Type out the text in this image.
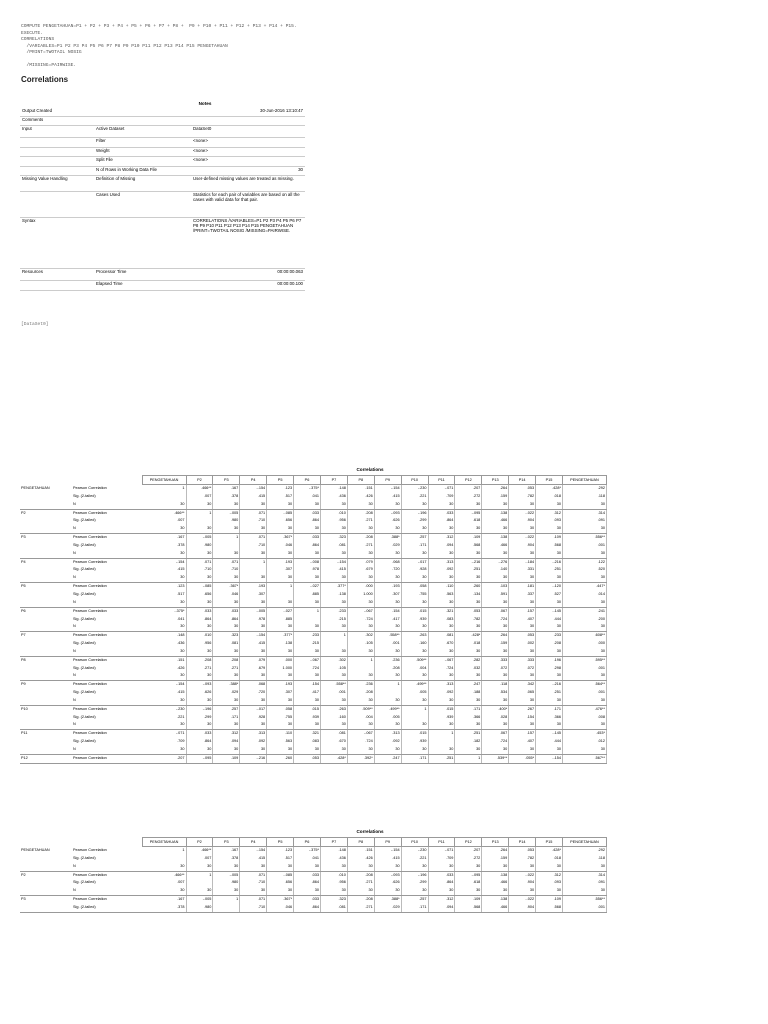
COMPUTE PENGETAHUAN=P1 + P2 + P3 + P4 + P5 + P6 + P7 + P8 +  P9 + P10 + P11 + P12 + P13 + P14 + P15.
EXECUTE.
CORRELATIONS
/VARIABLES=P1 P2 P3 P4 P5 P6 P7 P8 P9 P10 P11 P12 P13 P14 P15 PENGETAHUAN
/PRINT=TWOTAIL NOSIG

/MISSING=PAIRWISE.
Correlations
Notes
Output Created		30-Jun-2016 13:10:47
Comments		
Input	Active Dataset	DataSet0
	Filter	<none>
	Weight	<none>
	Split File	<none>
	N of Rows in Working Data File	30
Missing Value Handling	Definition of Missing	User-defined missing values are treated as missing.
	Cases Used	Statistics for each pair of variables are based on all the cases with valid data for that pair.
Syntax		CORRELATIONS /VARIABLES=P1 P2 P3 P4 P5 P6 P7 P8 P9 P10 P11 P12 P13 P14 P15 PENGETAHUAN /PRINT=TWOTAIL NOSIG /MISSING=PAIRWISE.
Resources	Processor Time	00:00:00.063
	Elapsed Time	00:00:00.100
[DataSet0]
Correlations
		PENGETAHUAN	P2	P3	P4	P5	P6	P7	P8	P9	P10	P11	P12	P13	P14	P15	PENGETAHUAN
PENGETAHUAN	Pearson Correlation	1	.466**	.167	-.154	.123	-.375*	.148	.151	-.154	-.230	-.071	.207	.264	.053	.428*	.292
	Sig. (2-tailed)		.007	.378	.415	.517	.041	.436	.426	.415	.221	.709	.272	.159	.782	.018	.118
	N	30	30	30	30	30	30	30	30	30	30	30	30	30	30	30	30
P2	Pearson Correlation	.466**	1	-.005	.071	-.085	.033	.010	.208	-.093	-.196	.033	-.095	.138	-.022	.312	.314
	Sig. (2-tailed)	.007		.980	.710	.656	.864	.956	.271	.626	.299	.864	.618	.466	.904	.093	.091
	N	30	30	30	30	30	30	30	30	30	30	30	30	30	30	30	30
P3	Pearson Correlation	.167	-.005	1	.071	.367*	.033	.323	.208	.388*	.257	.312	.109	.138	-.022	.109	.556**
	Sig. (2-tailed)	.378	.980		.710	.046	.864	.081	.271	.029	.171	.094	.568	.466	.904	.568	.001
	N	30	30	30	30	30	30	30	30	30	30	30	30	30	30	30	30
P4	Pearson Correlation	-.154	.071	.071	1	.193	-.008	-.154	.079	.068	-.017	.313	-.216	-.276	-.184	-.216	.122
	Sig. (2-tailed)	.415	.710	.710		.307	.978	.415	.679	.720	.928	.092	.251	.140	.331	.251	.520
	N	30	30	30	30	30	30	30	30	30	30	30	30	30	30	30	30
P5	Pearson Correlation	.123	-.085	.367*	.193	1	-.027	.377*	.000	.193	.058	.110	.260	.103	.181	-.120	.447*
	Sig. (2-tailed)	.517	.656	.046	.307		.885	.138	1.000	.307	.755	.563	.134	.591	.337	.527	.014
	N	30	30	30	30	30	30	30	30	30	30	30	30	30	30	30	30
P6	Pearson Correlation	-.375*	.033	.033	-.005	-.027	1	.233	-.067	.154	.015	.321	.053	.067	.157	-.145	.241
	Sig. (2-tailed)	.041	.864	.864	.978	.885		.215	.724	.417	.939	.083	.782	.724	.407	.444	.200
	N	30	30	30	30	30	30	30	30	30	30	30	30	30	30	30	30
P7	Pearson Correlation	.148	.010	.323	-.154	.377*	.233	1	.302	.558**	.263	.081	.428*	.264	.053	.233	.608**
	Sig. (2-tailed)	.436	.956	.081	.415	.138	.215		.105	.001	.160	.670	.018	.159	.002	.208	.000
	N	30	30	30	30	30	30	30	30	30	30	30	30	30	30	30	30
P8	Pearson Correlation	.151	.208	.208	.079	.000	-.067	.302	1	.236	.509**	-.067	.282	.333	.333	.196	.595**
	Sig. (2-tailed)	.426	.271	.271	.679	1.000	.724	.105		.208	.004	.724	.032	.072	.072	.298	.001
	N	30	30	30	30	30	30	30	30	30	30	30	30	30	30	30	30
P9	Pearson Correlation	-.154	-.093	.388*	.068	.193	.154	.558**	.236	1	.499**	.313	.247	.118	.342	-.216	.564**
	Sig. (2-tailed)	.415	.626	.029	.720	.307	.417	.001	.208		.005	.092	.188	.534	.065	.251	.001
	N	30	30	30	30	30	30	30	30	30	30	30	30	30	30	30	30
P10	Pearson Correlation	-.230	-.196	.257	-.017	.058	.015	.263	.509**	.499**	1	.015	.171	.400*	.267	.171	.476**
	Sig. (2-tailed)	.221	.299	.171	.928	.755	.939	.160	.004	.005		.939	.366	.028	.154	.366	.008
	N	30	30	30	30	30	30	30	30	30	30	30	30	30	30	30	30
P11	Pearson Correlation	-.071	.033	.312	.313	.110	.321	.081	-.067	.313	.015	1	.251	.067	.157	-.145	.453*
	Sig. (2-tailed)	.709	.864	.094	.092	.563	.083	.670	.724	.092	.939		.182	.724	.407	.444	.012
	N	30	30	30	30	30	30	30	30	30	30	30	30	30	30	30	30
P12	Pearson Correlation	.207	-.095	.109	-.216	.260	.053	.428*	.392*	.247	.171	.251	1	.539**	.055*	-.154	.567**
Correlations
		PENGETAHUAN	P2	P3	P4	P5	P6	P7	P8	P9	P10	P11	P12	P13	P14	P15	PENGETAHUAN
PENGETAHUAN	Pearson Correlation	1	.466**	.167	-.154	.123	-.375*	.148	.151	-.154	-.230	-.071	.207	.264	.053	.428*	.292
	Sig. (2-tailed)		.007	.378	.415	.517	.041	.436	.426	.415	.221	.709	.272	.159	.782	.018	.118
	N	30	30	30	30	30	30	30	30	30	30	30	30	30	30	30	30
P2	Pearson Correlation	.466**	1	-.005	.071	-.085	.033	.010	.208	-.093	-.196	.033	-.095	.138	-.022	.312	.314
	Sig. (2-tailed)	.007		.980	.710	.656	.864	.956	.271	.626	.299	.864	.618	.466	.904	.093	.091
	N	30	30	30	30	30	30	30	30	30	30	30	30	30	30	30	30
P3	Pearson Correlation	.167	-.005	1	.071	.367*	.033	.323	.208	.388*	.257	.312	.109	.138	-.022	.109	.556**
	Sig. (2-tailed)	.378	.980		.710	.046	.864	.081	.271	.029	.171	.094	.568	.466	.904	.568	.001
